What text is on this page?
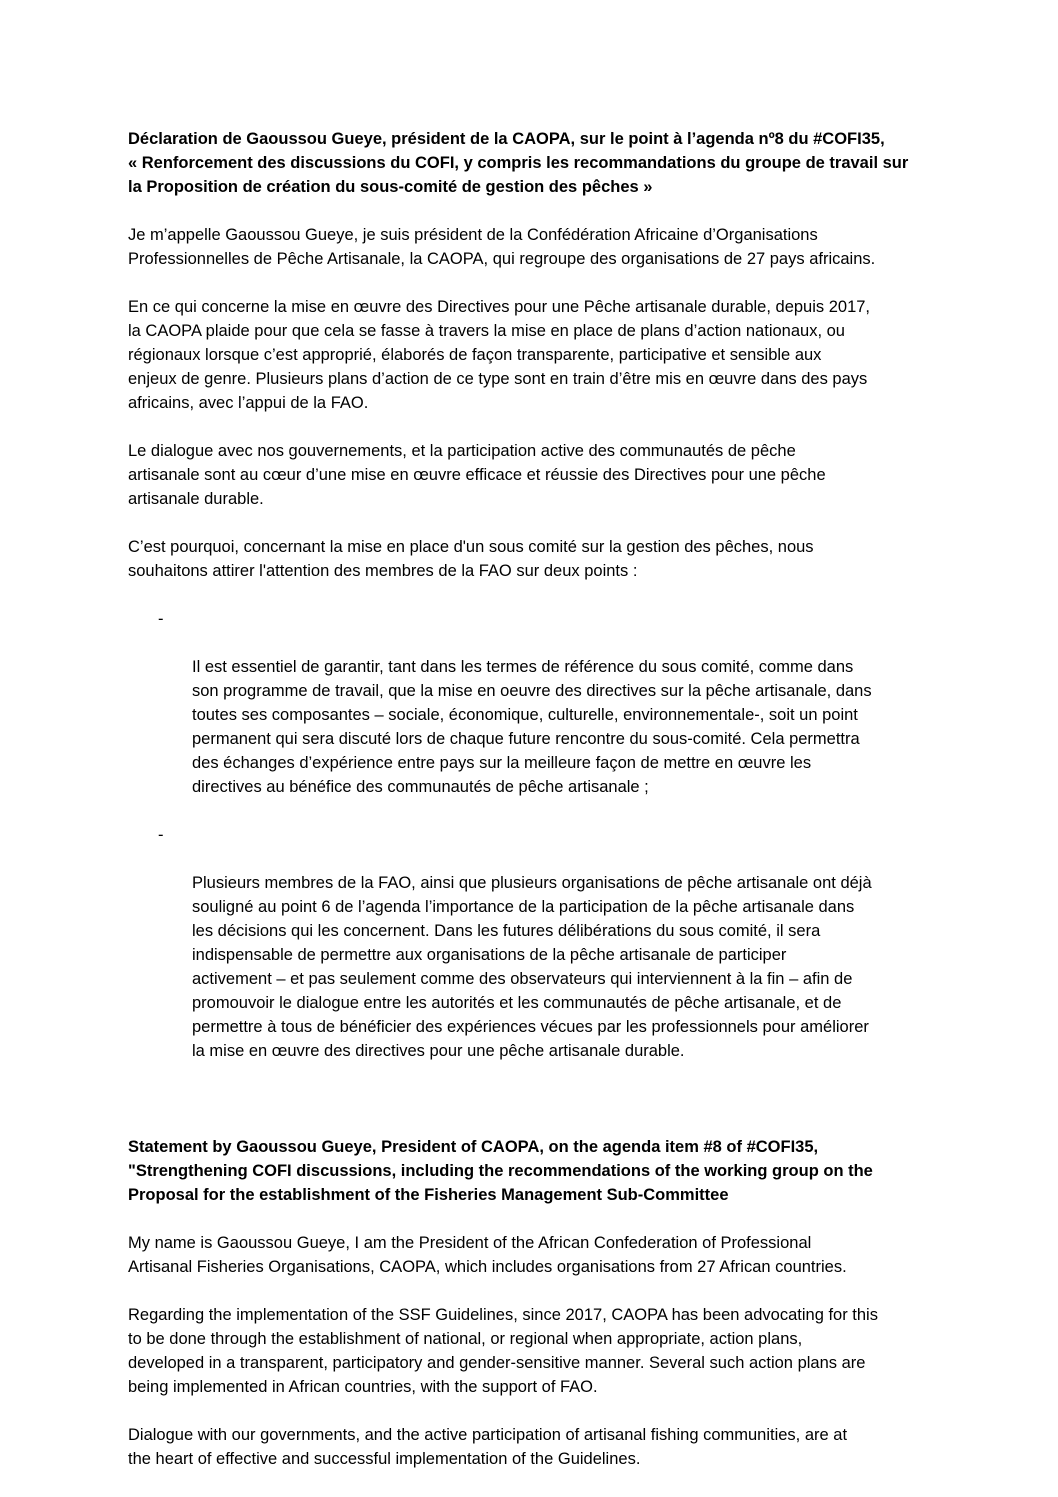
Déclaration de Gaoussou Gueye, président de la CAOPA, sur le point à l’agenda nº8 du #COFI35,
« Renforcement des discussions du COFI, y compris les recommandations du groupe de travail sur
la Proposition de création du sous-comité de gestion des pêches »

Je m’appelle Gaoussou Gueye, je suis président de la Confédération Africaine d’Organisations
Professionnelles de Pêche Artisanale, la CAOPA, qui regroupe des organisations de 27 pays africains.

En ce qui concerne la mise en œuvre des Directives pour une Pêche artisanale durable, depuis 2017,
la CAOPA plaide pour que cela se fasse à travers la mise en place de plans d’action nationaux, ou
régionaux lorsque c’est approprié, élaborés de façon transparente, participative et sensible aux
enjeux de genre. Plusieurs plans d’action de ce type sont en train d’être mis en œuvre dans des pays
africains, avec l’appui de la FAO.

Le dialogue avec nos gouvernements, et la participation active des communautés de pêche
artisanale sont au cœur d’une mise en œuvre efficace et réussie des Directives pour une pêche
artisanale durable.

C’est pourquoi, concernant la mise en place d'un sous comité sur la gestion des pêches, nous
souhaitons attirer l'attention des membres de la FAO sur deux points :

-

Il est essentiel de garantir, tant dans les termes de référence du sous comité, comme dans
son programme de travail, que la mise en oeuvre des directives sur la pêche artisanale, dans
toutes ses composantes – sociale, économique, culturelle, environnementale-, soit un point
permanent qui sera discuté lors de chaque future rencontre du sous-comité. Cela permettra
des échanges d’expérience entre pays sur la meilleure façon de mettre en œuvre les
directives au bénéfice des communautés de pêche artisanale ;

-

Plusieurs membres de la FAO, ainsi que plusieurs organisations de pêche artisanale ont déjà
souligné au point 6 de l’agenda l’importance de la participation de la pêche artisanale dans
les décisions qui les concernent. Dans les futures délibérations du sous comité, il sera
indispensable de permettre aux organisations de la pêche artisanale de participer
activement – et pas seulement comme des observateurs qui interviennent à la fin – afin de
promouvoir le dialogue entre les autorités et les communautés de pêche artisanale, et de
permettre à tous de bénéficier des expériences vécues par les professionnels pour améliorer
la mise en œuvre des directives pour une pêche artisanale durable.

Statement by Gaoussou Gueye, President of CAOPA, on the agenda item #8 of #COFI35,
"Strengthening COFI discussions, including the recommendations of the working group on the
Proposal for the establishment of the Fisheries Management Sub-Committee

My name is Gaoussou Gueye, I am the President of the African Confederation of Professional
Artisanal Fisheries Organisations, CAOPA, which includes organisations from 27 African countries.

Regarding the implementation of the SSF Guidelines, since 2017, CAOPA has been advocating for this
to be done through the establishment of national, or regional when appropriate, action plans,
developed in a transparent, participatory and gender-sensitive manner. Several such action plans are
being implemented in African countries, with the support of FAO.

Dialogue with our governments, and the active participation of artisanal fishing communities, are at
the heart of effective and successful implementation of the Guidelines.
